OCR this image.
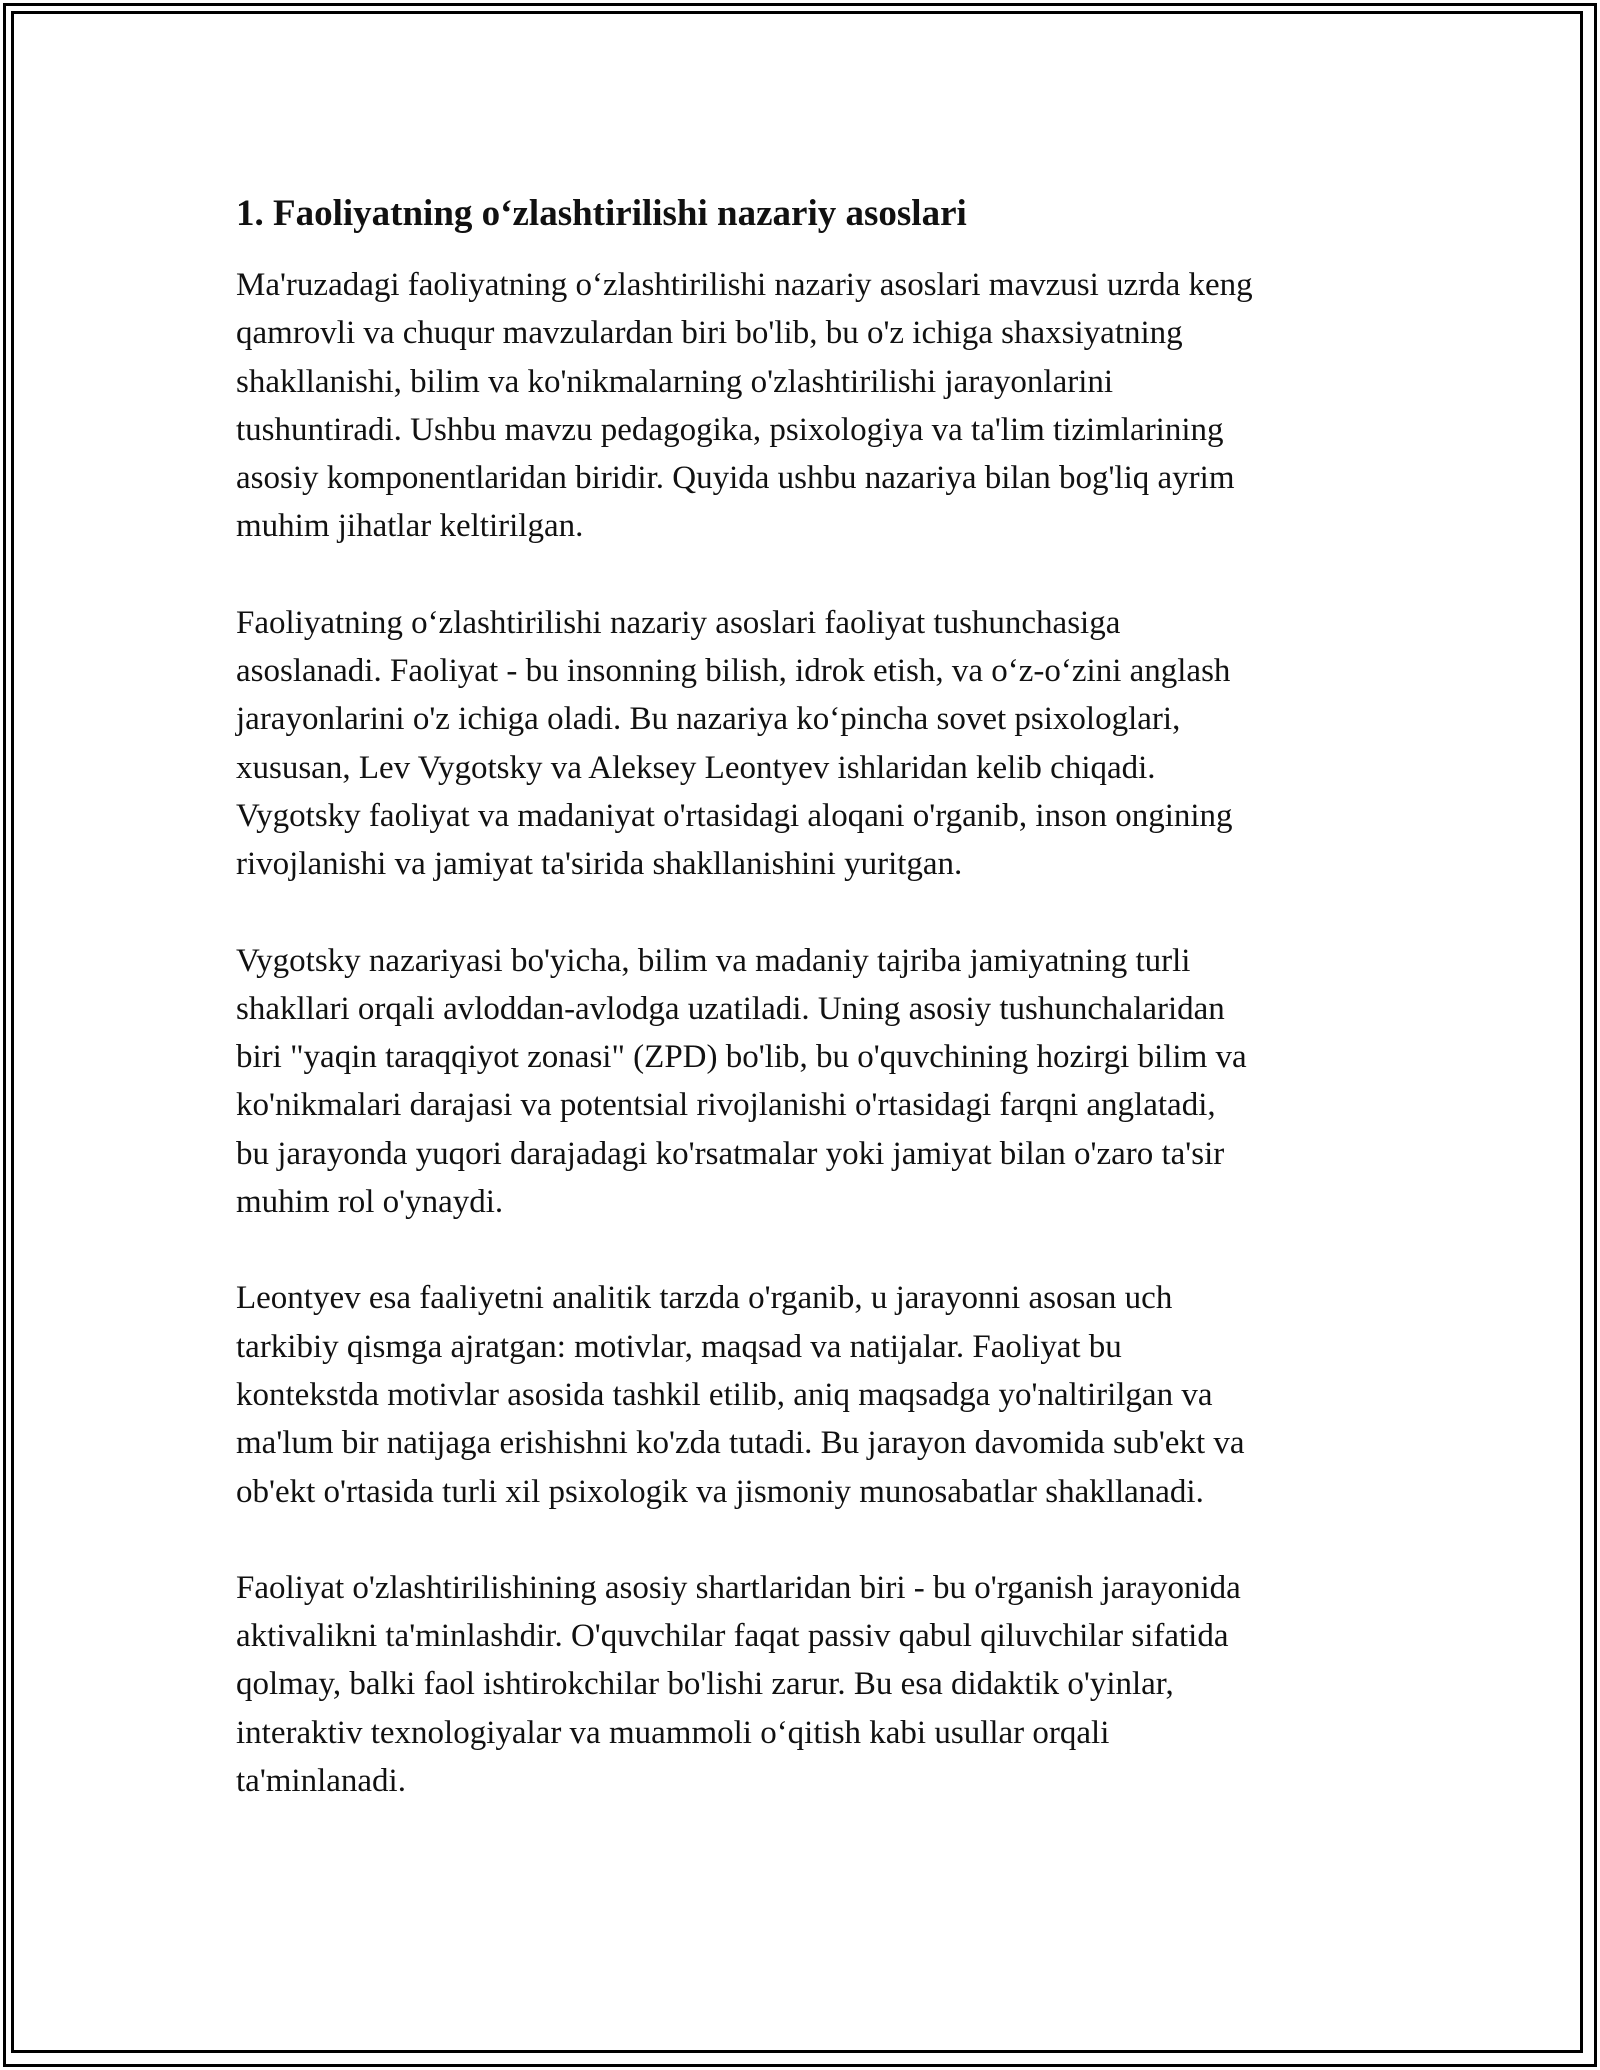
1. Faoliyatning o‘zlashtirilishi nazariy asoslari

Ma'ruzadagi faoliyatning o‘zlashtirilishi nazariy asoslari mavzusi uzrda keng
qamrovli va chuqur mavzulardan biri bo'lib, bu o'z ichiga shaxsiyatning
shakllanishi, bilim va ko'nikmalarning o'zlashtirilishi jarayonlarini
tushuntiradi. Ushbu mavzu pedagogika, psixologiya va ta'lim tizimlarining
asosiy komponentlaridan biridir. Quyida ushbu nazariya bilan bog'liq ayrim
muhim jihatlar keltirilgan.

Faoliyatning o‘zlashtirilishi nazariy asoslari faoliyat tushunchasiga
asoslanadi. Faoliyat - bu insonning bilish, idrok etish, va o‘z-o‘zini anglash
jarayonlarini o'z ichiga oladi. Bu nazariya ko‘pincha sovet psixologlari,
xususan, Lev Vygotsky va Aleksey Leontyev ishlaridan kelib chiqadi.
Vygotsky faoliyat va madaniyat o'rtasidagi aloqani o'rganib, inson ongining
rivojlanishi va jamiyat ta'sirida shakllanishini yuritgan.

Vygotsky nazariyasi bo'yicha, bilim va madaniy tajriba jamiyatning turli
shakllari orqali avloddan-avlodga uzatiladi. Uning asosiy tushunchalaridan
biri "yaqin taraqqiyot zonasi" (ZPD) bo'lib, bu o'quvchining hozirgi bilim va
ko'nikmalari darajasi va potentsial rivojlanishi o'rtasidagi farqni anglatadi,
bu jarayonda yuqori darajadagi ko'rsatmalar yoki jamiyat bilan o'zaro ta'sir
muhim rol o'ynaydi.

Leontyev esa faaliyetni analitik tarzda o'rganib, u jarayonni asosan uch
tarkibiy qismga ajratgan: motivlar, maqsad va natijalar. Faoliyat bu
kontekstda motivlar asosida tashkil etilib, aniq maqsadga yo'naltirilgan va
ma'lum bir natijaga erishishni ko'zda tutadi. Bu jarayon davomida sub'ekt va
ob'ekt o'rtasida turli xil psixologik va jismoniy munosabatlar shakllanadi.

Faoliyat o'zlashtirilishining asosiy shartlaridan biri - bu o'rganish jarayonida
aktivalikni ta'minlashdir. O'quvchilar faqat passiv qabul qiluvchilar sifatida
qolmay, balki faol ishtirokchilar bo'lishi zarur. Bu esa didaktik o'yinlar,
interaktiv texnologiyalar va muammoli o‘qitish kabi usullar orqali
ta'minlanadi.
